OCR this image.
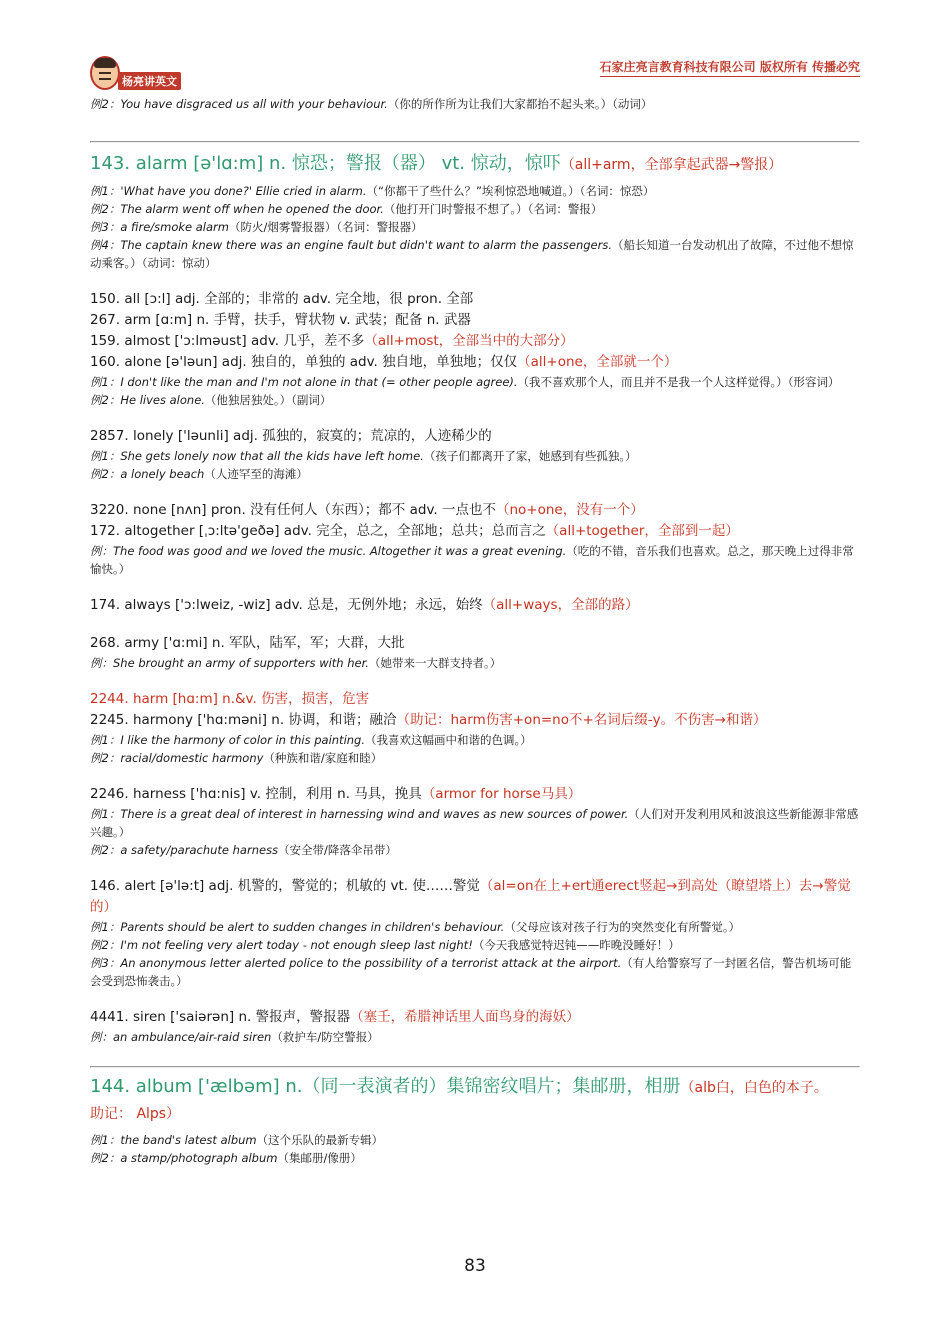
杨亮讲英文
石家庄亮言教育科技有限公司 版权所有 传播必究

例2：You have disgraced us all with your behaviour.（你的所作所为让我们大家都抬不起头来。）（动词）

143. alarm [ə'lɑ:m] n. 惊恐；警报（器） vt. 惊动，惊吓（all+arm，全部拿起武器→警报）

例1：'What have you done?' Ellie cried in alarm.（“你都干了些什么？”埃利惊恐地喊道。）（名词：惊恐）

例2：The alarm went off when he opened the door.（他打开门时警报不想了。）（名词：警报）

例3：a fire/smoke alarm（防火/烟雾警报器）（名词：警报器）

例4：The captain knew there was an engine fault but didn't want to alarm the passengers.（船长知道一台发动机出了故障，不过他不想惊动乘客。）（动词：惊动）

150. all [ɔ:l] adj. 全部的；非常的 adv. 完全地，很 pron. 全部

267. arm [ɑ:m] n. 手臂，扶手，臂状物 v. 武装；配备 n. 武器

159. almost ['ɔ:lməust] adv. 几乎，差不多（all+most，全部当中的大部分）

160. alone [ə'ləun] adj. 独自的，单独的 adv. 独自地，单独地；仅仅（all+one，全部就一个）

例1：I don't like the man and I'm not alone in that (= other people agree).（我不喜欢那个人，而且并不是我一个人这样觉得。）（形容词）

例2：He lives alone.（他独居独处。）（副词）

2857. lonely ['ləunli] adj. 孤独的，寂寞的；荒凉的，人迹稀少的

例1：She gets lonely now that all the kids have left home.（孩子们都离开了家，她感到有些孤独。）

例2：a lonely beach（人迹罕至的海滩）

3220. none [nʌn] pron. 没有任何人（东西）；都不 adv. 一点也不（no+one，没有一个）

172. altogether [ˌɔ:ltə'geðə] adv. 完全，总之，全部地；总共；总而言之（all+together，全部到一起）

例：The food was good and we loved the music. Altogether it was a great evening.（吃的不错，音乐我们也喜欢。总之，那天晚上过得非常愉快。）

174. always ['ɔ:lweiz, -wiz] adv. 总是，无例外地；永远，始终（all+ways，全部的路）

268. army ['ɑ:mi] n. 军队，陆军，军；大群，大批

例：She brought an army of supporters with her.（她带来一大群支持者。）

2244. harm [hɑ:m] n.&v. 伤害，损害，危害

2245. harmony ['hɑ:məni] n. 协调，和谐；融洽（助记：harm伤害+on=no不+名词后缀-y。不伤害→和谐）

例1：I like the harmony of color in this painting.（我喜欢这幅画中和谐的色调。）

例2：racial/domestic harmony（种族和谐/家庭和睦）

2246. harness ['hɑ:nis] v. 控制，利用 n. 马具，挽具（armor for horse马具）

例1：There is a great deal of interest in harnessing wind and waves as new sources of power.（人们对开发利用风和波浪这些新能源非常感兴趣。）

例2：a safety/parachute harness（安全带/降落伞吊带）

146. alert [ə'lə:t] adj. 机警的，警觉的；机敏的 vt. 使……警觉（al=on在上+ert通erect竖起→到高处（瞭望塔上）去→警觉的）

例1：Parents should be alert to sudden changes in children's behaviour.（父母应该对孩子行为的突然变化有所警觉。）

例2：I'm not feeling very alert today - not enough sleep last night!（今天我感觉特迟钝——昨晚没睡好！）

例3：An anonymous letter alerted police to the possibility of a terrorist attack at the airport.（有人给警察写了一封匿名信，警告机场可能会受到恐怖袭击。）

4441. siren ['saiərən] n. 警报声，警报器（塞壬，希腊神话里人面鸟身的海妖）

例：an ambulance/air-raid siren（救护车/防空警报）

144. album ['ælbəm] n.（同一表演者的）集锦密纹唱片；集邮册，相册（alb白，白色的本子。

助记： Alps）

例1：the band's latest album（这个乐队的最新专辑）

例2：a stamp/photograph album（集邮册/像册）

83
